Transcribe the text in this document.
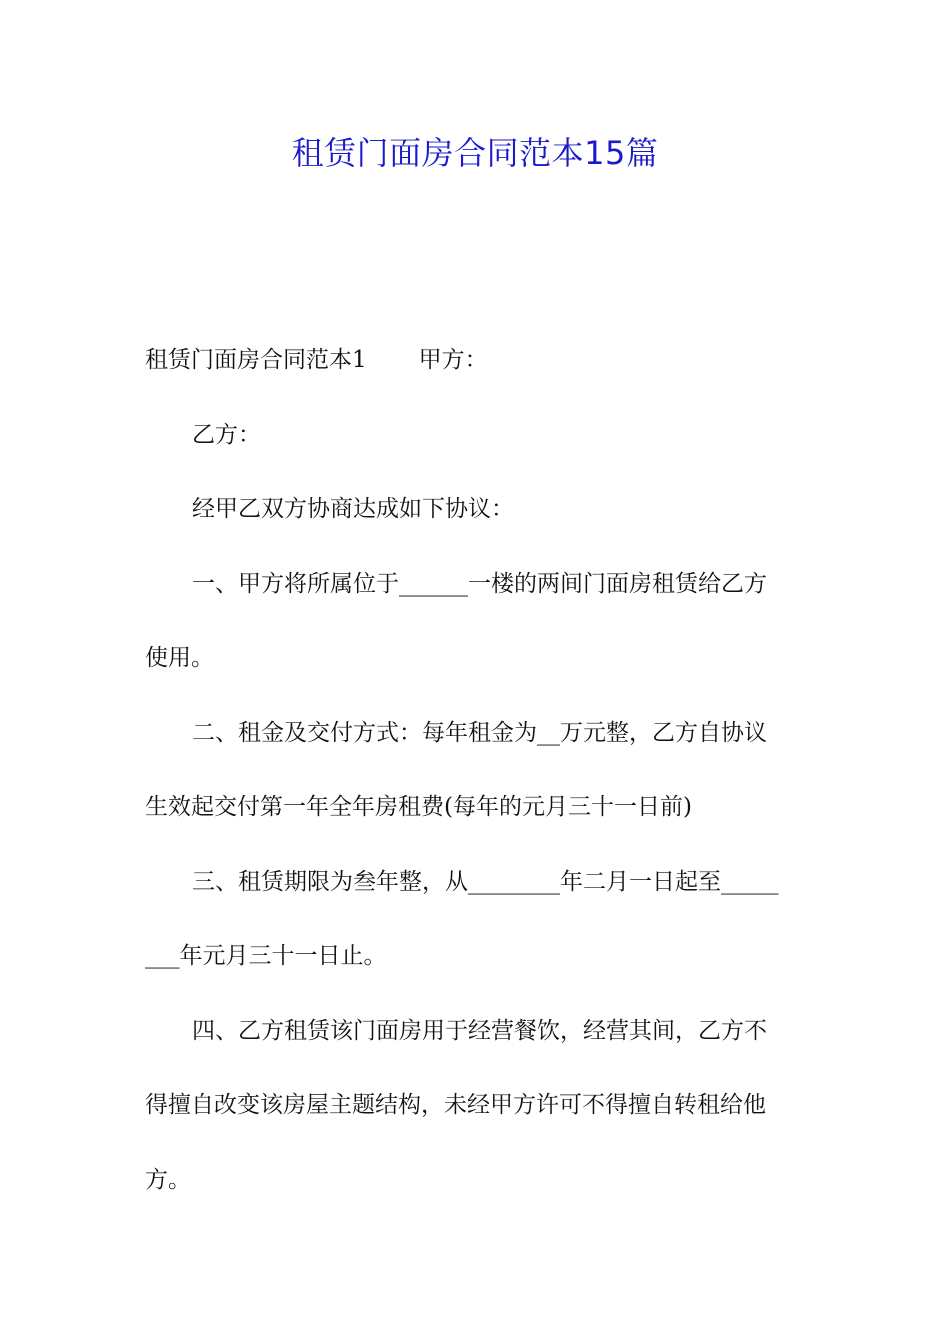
租赁门面房合同范本15篇
租赁门面房合同范本1 甲方：
乙方：
经甲乙双方协商达成如下协议：
一、甲方将所属位于______一楼的两间门面房租赁给乙方
使用。
二、租金及交付方式：每年租金为__万元整，乙方自协议
生效起交付第一年全年房租费(每年的元月三十一日前)
三、租赁期限为叁年整，从________年二月一日起至_____
___年元月三十一日止。
四、乙方租赁该门面房用于经营餐饮，经营其间，乙方不
得擅自改变该房屋主题结构，未经甲方许可不得擅自转租给他
方。
